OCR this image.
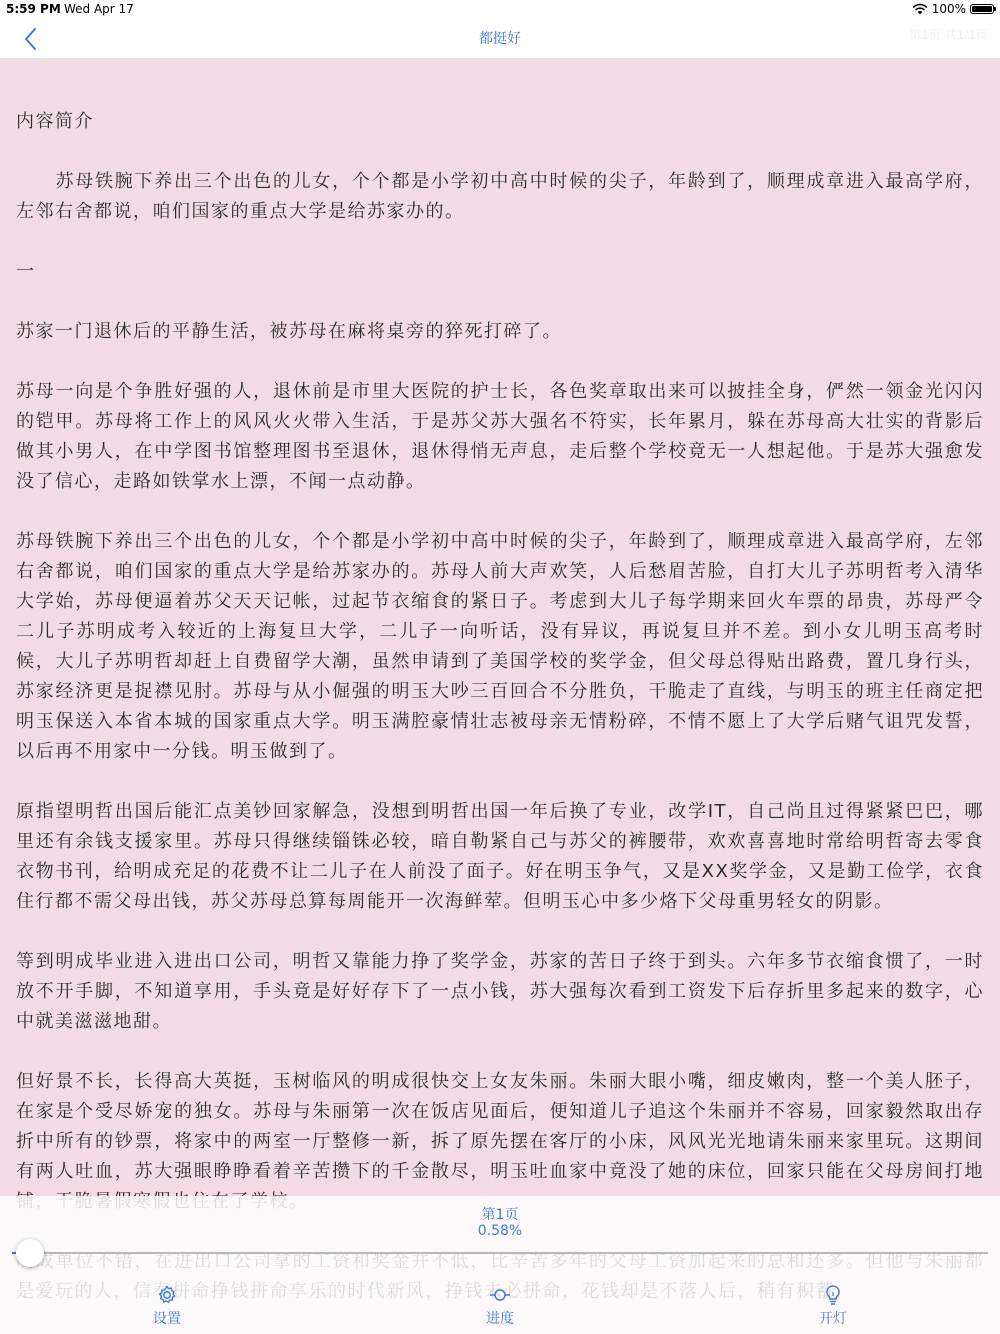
5:59 PM Wed Apr 17	100%
都挺好	第1页 共1/1页

内容简介

　　苏母铁腕下养出三个出色的儿女，个个都是小学初中高中时候的尖子，年龄到了，顺理成章进入最高学府，左邻右舍都说，咱们国家的重点大学是给苏家办的。

一

苏家一门退休后的平静生活，被苏母在麻将桌旁的猝死打碎了。

苏母一向是个争胜好强的人，退休前是市里大医院的护士长，各色奖章取出来可以披挂全身，俨然一领金光闪闪的铠甲。苏母将工作上的风风火火带入生活，于是苏父苏大强名不符实，长年累月，躲在苏母高大壮实的背影后做其小男人，在中学图书馆整理图书至退休，退休得悄无声息，走后整个学校竟无一人想起他。于是苏大强愈发没了信心，走路如铁掌水上漂，不闻一点动静。

苏母铁腕下养出三个出色的儿女，个个都是小学初中高中时候的尖子，年龄到了，顺理成章进入最高学府，左邻右舍都说，咱们国家的重点大学是给苏家办的。苏母人前大声欢笑，人后愁眉苦脸，自打大儿子苏明哲考入清华大学始，苏母便逼着苏父天天记帐，过起节衣缩食的紧日子。考虑到大儿子每学期来回火车票的昂贵，苏母严令二儿子苏明成考入较近的上海复旦大学，二儿子一向听话，没有异议，再说复旦并不差。到小女儿明玉高考时候，大儿子苏明哲却赶上自费留学大潮，虽然申请到了美国学校的奖学金，但父母总得贴出路费，置几身行头，苏家经济更是捉襟见肘。苏母与从小倔强的明玉大吵三百回合不分胜负，干脆走了直线，与明玉的班主任商定把明玉保送入本省本城的国家重点大学。明玉满腔豪情壮志被母亲无情粉碎，不情不愿上了大学后赌气诅咒发誓，以后再不用家中一分钱。明玉做到了。

原指望明哲出国后能汇点美钞回家解急，没想到明哲出国一年后换了专业，改学IT，自己尚且过得紧紧巴巴，哪里还有余钱支援家里。苏母只得继续锱铢必较，暗自勒紧自己与苏父的裤腰带，欢欢喜喜地时常给明哲寄去零食衣物书刊，给明成充足的花费不让二儿子在人前没了面子。好在明玉争气，又是XX奖学金，又是勤工俭学，衣食住行都不需父母出钱，苏父苏母总算每周能开一次海鲜荤。但明玉心中多少烙下父母重男轻女的阴影。

等到明成毕业进入进出口公司，明哲又靠能力挣了奖学金，苏家的苦日子终于到头。六年多节衣缩食惯了，一时放不开手脚，不知道享用，手头竟是好好存下了一点小钱，苏大强每次看到工资发下后存折里多起来的数字，心中就美滋滋地甜。

但好景不长，长得高大英挺，玉树临风的明成很快交上女友朱丽。朱丽大眼小嘴，细皮嫩肉，整一个美人胚子，在家是个受尽娇宠的独女。苏母与朱丽第一次在饭店见面后，便知道儿子追这个朱丽并不容易，回家毅然取出存折中所有的钞票，将家中的两室一厅整修一新，拆了原先摆在客厅的小床，风风光光地请朱丽来家里玩。这期间有两人吐血，苏大强眼睁睁看着辛苦攒下的千金散尽，明玉吐血家中竟没了她的床位，回家只能在父母房间打地

第1页
0.58%
设置	进度	开灯
